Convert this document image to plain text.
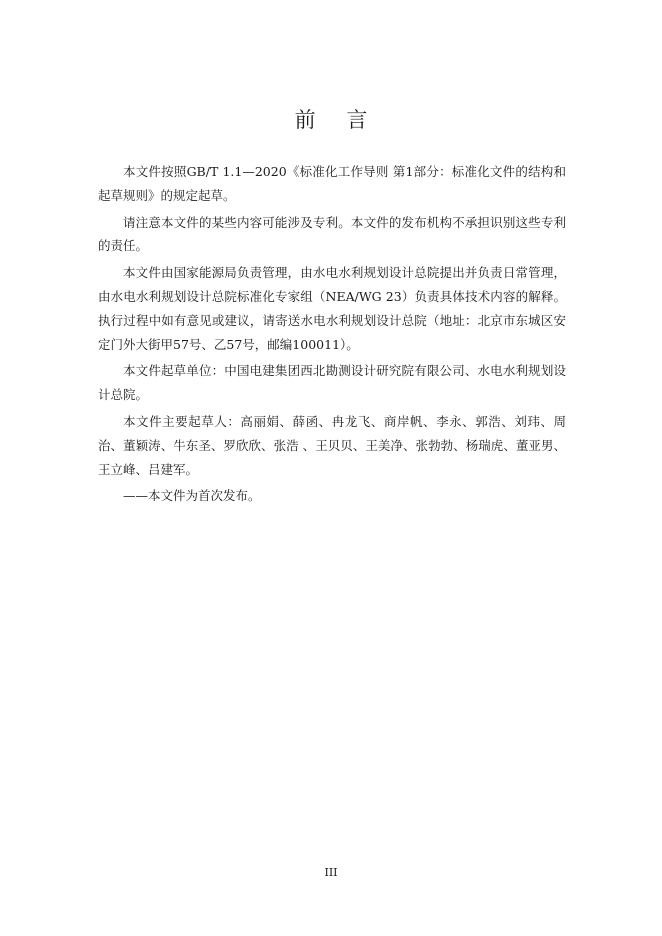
前 言

本文件按照GB/T 1.1—2020《标准化工作导则 第1部分：标准化文件的结构和起草规则》的规定起草。

请注意本文件的某些内容可能涉及专利。本文件的发布机构不承担识别这些专利的责任。

本文件由国家能源局负责管理，由水电水利规划设计总院提出并负责日常管理，由水电水利规划设计总院标准化专家组（NEA/WG 23）负责具体技术内容的解释。执行过程中如有意见或建议，请寄送水电水利规划设计总院（地址：北京市东城区安定门外大街甲57号、乙57号，邮编100011）。

本文件起草单位：中国电建集团西北勘测设计研究院有限公司、水电水利规划设计总院。

本文件主要起草人：高丽娟、薛函、冉龙飞、商岸帆、李永、郭浩、刘玮、周治、董颖涛、牛东圣、罗欣欣、张浩 、王贝贝、王美净、张勃勃、杨瑞虎、董亚男、王立峰、吕建军。

——本文件为首次发布。

III
